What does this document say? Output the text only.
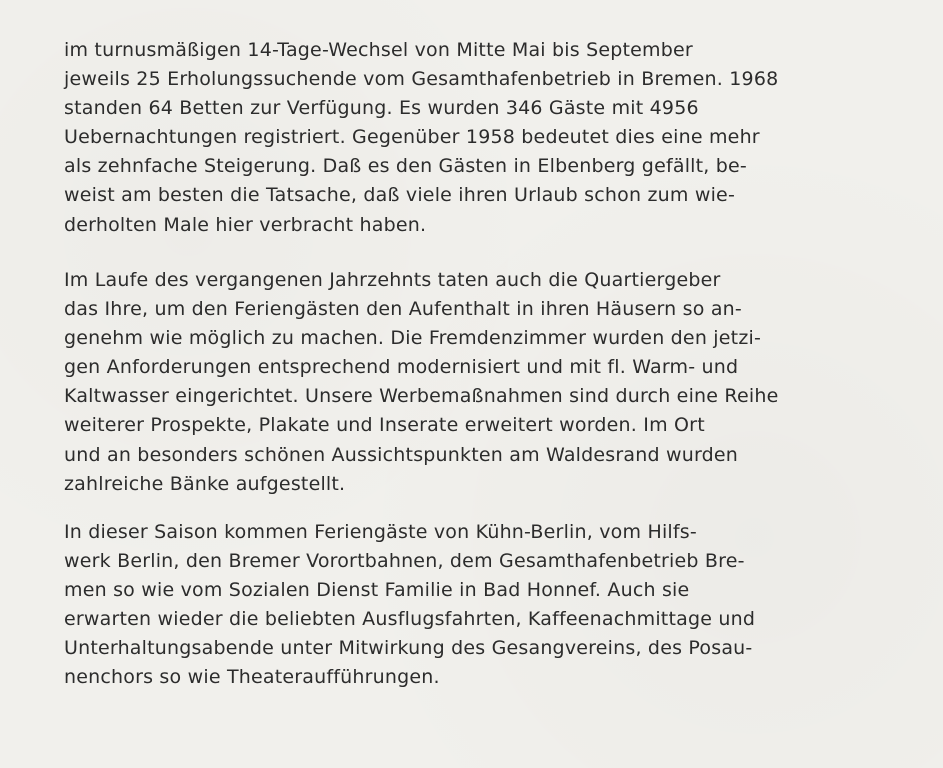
im turnusmäßigen 14-Tage-Wechsel von Mitte Mai bis September
jeweils 25 Erholungssuchende vom Gesamthafenbetrieb in Bremen. 1968
standen 64 Betten zur Verfügung. Es wurden 346 Gäste mit 4956
Uebernachtungen registriert. Gegenüber 1958 bedeutet dies eine mehr
als zehnfache Steigerung. Daß es den Gästen in Elbenberg gefällt, be-
weist am besten die Tatsache, daß viele ihren Urlaub schon zum wie-
derholten Male hier verbracht haben.
Im Laufe des vergangenen Jahrzehnts taten auch die Quartiergeber
das Ihre, um den Feriengästen den Aufenthalt in ihren Häusern so an-
genehm wie möglich zu machen. Die Fremdenzimmer wurden den jetzi-
gen Anforderungen entsprechend modernisiert und mit fl. Warm- und
Kaltwasser eingerichtet. Unsere Werbemaßnahmen sind durch eine Reihe
weiterer Prospekte, Plakate und Inserate erweitert worden. Im Ort
und an besonders schönen Aussichtspunkten am Waldesrand wurden
zahlreiche Bänke aufgestellt.
In dieser Saison kommen Feriengäste von Kühn-Berlin, vom Hilfs-
werk Berlin, den Bremer Vorortbahnen, dem Gesamthafenbetrieb Bre-
men so wie vom Sozialen Dienst Familie in Bad Honnef. Auch sie
erwarten wieder die beliebten Ausflugsfahrten, Kaffeenachmittage und
Unterhaltungsabende unter Mitwirkung des Gesangvereins, des Posau-
nenchors so wie Theateraufführungen.
